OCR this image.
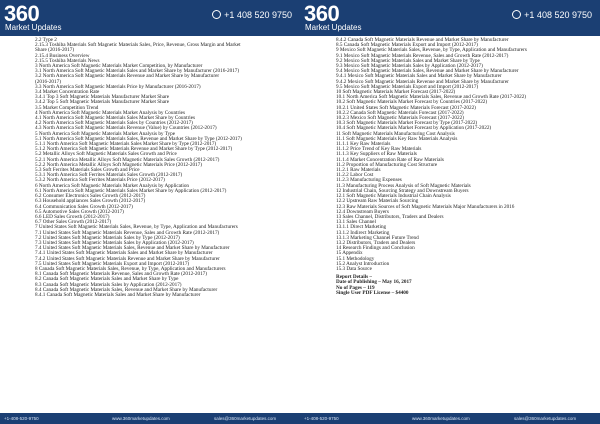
360
Market Updates
+1 408 520 9750
2.2 Type 2
2.15.3 Toshiba Materials Soft Magnetic Materials Sales, Price, Revenue, Gross Margin and Market
Share (2016-2017)
2.15.4 Business Overview
2.15.5 Toshiba Materials News
3 North America Soft Magnetic Materials Market Competition, by Manufacturer
3.1 North America Soft Magnetic Materials Sales and Market Share by Manufacturer (2016-2017)
3.2 North America Soft Magnetic Materials Revenue and Market Share by Manufacturer
(2016-2017)
3.3 North America Soft Magnetic Materials Price by Manufacturer (2016-2017)
3.4 Market Concentration Rate
3.4.1 Top 3 Soft Magnetic Materials Manufacturer Market Share
3.4.2 Top 5 Soft Magnetic Materials Manufacturer Market Share
3.5 Market Competition Trend
4 North America Soft Magnetic Materials Market Analysis by Countries
4.1 North America Soft Magnetic Materials Sales Market Share by Countries
4.2 North America Soft Magnetic Materials Sales by Countries (2012-2017)
4.3 North America Soft Magnetic Materials Revenue (Value) by Countries (2012-2017)
5 North America Soft Magnetic Materials Market Analysis by Type
5.1 North America Soft Magnetic Materials Sales, Revenue and Market Share by Type (2012-2017)
5.1.1 North America Soft Magnetic Materials Sales Market Share by Type (2012-2017)
5.1.2 North America Soft Magnetic Materials Revenue and Market Share by Type (2012-2017)
5.2 Metallic Alloys Soft Magnetic Materials Sales Growth and Price
5.2.1 North America Metallic Alloys Soft Magnetic Materials Sales Growth (2012-2017)
5.2.2 North America Metallic Alloys Soft Magnetic Materials Price (2012-2017)
5.3 Soft Ferrites Materials Sales Growth and Price
5.3.1 North America Soft Ferrites Materials Sales Growth (2012-2017)
5.3.2 North America Soft Ferrites Materials Price (2012-2017)
6 North America Soft Magnetic Materials Market Analysis by Application
6.1 North America Soft Magnetic Materials Sales Market Share by Application (2012-2017)
6.2 Consumer Electronics Sales Growth (2012-2017)
6.3 Household appliances Sales Growth (2012-2017)
6.4 Communication Sales Growth (2012-2017)
6.5 Automotive Sales Growth (2012-2017)
6.6 LED Sales Growth (2012-2017)
6.7 Other Sales Growth (2012-2017)
7 United States Soft Magnetic Materials Sales, Revenue, by Type, Application and Manufacturers
7.1 United States Soft Magnetic Materials Revenue, Sales and Growth Rate (2012-2017)
7.2 United States Soft Magnetic Materials Sales by Type (2012-2017)
7.3 United States Soft Magnetic Materials Sales by Application (2012-2017)
7.4 United States Soft Magnetic Materials Sales, Revenue and Market Share by Manufacturer
7.4.1 United States Soft Magnetic Materials Sales and Market Share by Manufacturer
7.4.2 United States Soft Magnetic Materials Revenue and Market Share by Manufacturer
7.5 United States Soft Magnetic Materials Export and Import (2012-2017)
8 Canada Soft Magnetic Materials Sales, Revenue, by Type, Application and Manufacturers
8.1 Canada Soft Magnetic Materials Revenue, Sales and Growth Rate (2012-2017)
8.2 Canada Soft Magnetic Materials Sales and Market Share by Type
8.3 Canada Soft Magnetic Materials Sales by Application (2012-2017)
8.4 Canada Soft Magnetic Materials Sales, Revenue and Market Share by Manufacturer
8.4.1 Canada Soft Magnetic Materials Sales and Market Share by Manufacturer
+1-408-520-9750	www.360marketupdates.com	sales@360marketupdates.com
360
Market Updates
+1 408 520 9750
8.4.2 Canada Soft Magnetic Materials Revenue and Market Share by Manufacturer
8.5 Canada Soft Magnetic Materials Export and Import (2012-2017)
9 Mexico Soft Magnetic Materials Sales, Revenue, by Type, Application and Manufacturers
9.1 Mexico Soft Magnetic Materials Revenue, Sales and Growth Rate (2012-2017)
9.2 Mexico Soft Magnetic Materials Sales and Market Share by Type
9.3 Mexico Soft Magnetic Materials Sales by Application (2012-2017)
9.4 Mexico Soft Magnetic Materials Sales, Revenue and Market Share by Manufacturer
9.4.1 Mexico Soft Magnetic Materials Sales and Market Share by Manufacturer
9.4.2 Mexico Soft Magnetic Materials Revenue and Market Share by Manufacturer
9.5 Mexico Soft Magnetic Materials Export and Import (2012-2017)
10 Soft Magnetic Materials Market Forecast (2017-2022)
10.1 North America Soft Magnetic Materials Sales, Revenue and Growth Rate (2017-2022)
10.2 Soft Magnetic Materials Market Forecast by Countries (2017-2022)
10.2.1 United States Soft Magnetic Materials Forecast (2017-2022)
10.2.2 Canada Soft Magnetic Materials Forecast (2017-2022)
10.2.3 Mexico Soft Magnetic Materials Forecast (2017-2022)
10.3 Soft Magnetic Materials Market Forecast by Type (2017-2022)
10.4 Soft Magnetic Materials Market Forecast by Application (2017-2022)
11 Soft Magnetic Materials Manufacturing Cost Analysis
11.1 Soft Magnetic Materials Key Raw Materials Analysis
11.1.1 Key Raw Materials
11.1.2 Price Trend of Key Raw Materials
11.1.3 Key Suppliers of Raw Materials
11.1.4 Market Concentration Rate of Raw Materials
11.2 Proportion of Manufacturing Cost Structure
11.2.1 Raw Materials
11.2.2 Labor Cost
11.2.3 Manufacturing Expenses
11.3 Manufacturing Process Analysis of Soft Magnetic Materials
12 Industrial Chain, Sourcing Strategy and Downstream Buyers
12.1 Soft Magnetic Materials Industrial Chain Analysis
12.2 Upstream Raw Materials Sourcing
12.3 Raw Materials Sources of Soft Magnetic Materials Major Manufacturers in 2016
12.4 Downstream Buyers
13 Sales Channel, Distributors, Traders and Dealers
13.1 Sales Channel
13.1.1 Direct Marketing
13.1.2 Indirect Marketing
13.1.3 Marketing Channel Future Trend
13.2 Distributors, Traders and Dealers
14 Research Findings and Conclusion
15 Appendix
15.1 Methodology
15.2 Analyst Introduction
15.3 Data Source
Report Details –
Date of Publishing – May 16, 2017
No of Pages – 119
Single User PDF License – $4400
+1-408-520-9750	www.360marketupdates.com	sales@360marketupdates.com
